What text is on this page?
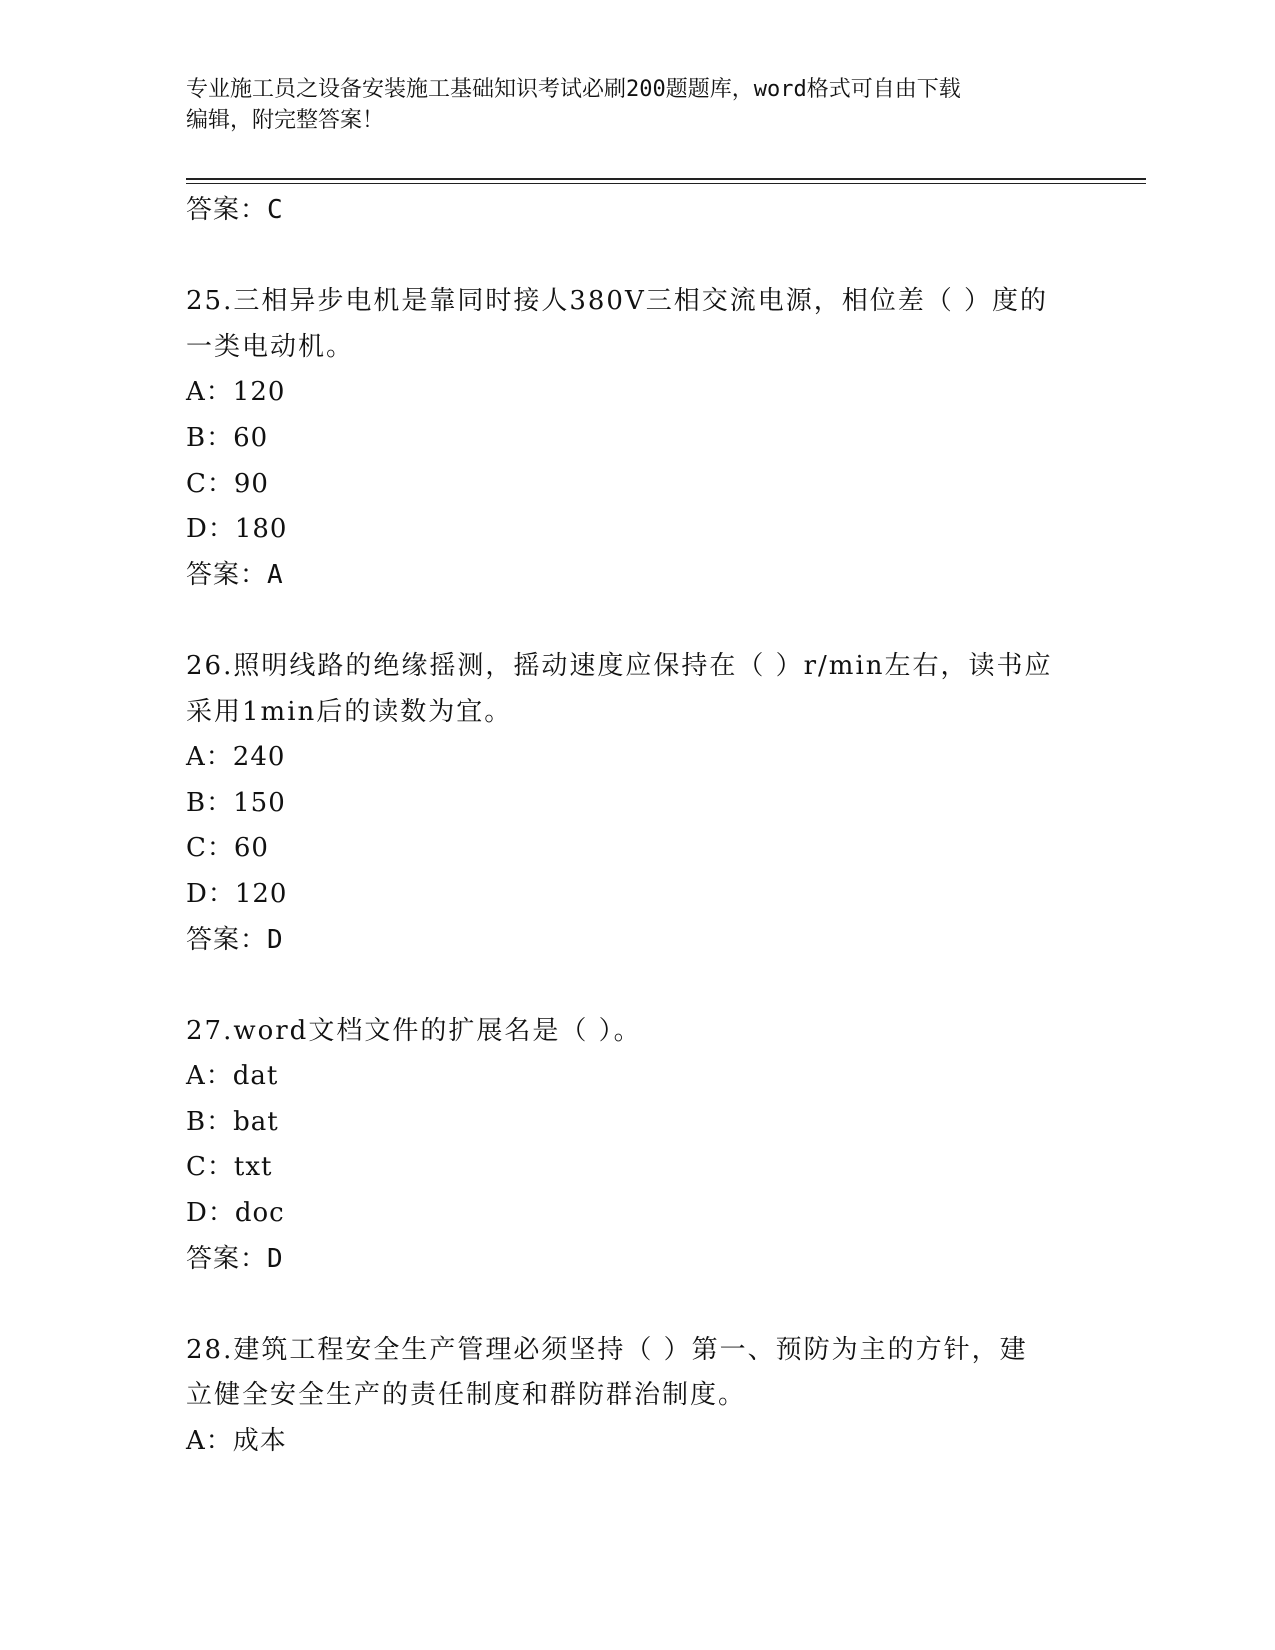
专业施工员之设备安装施工基础知识考试必刷200题题库，word格式可自由下载
编辑，附完整答案！
答案：C
25.三相异步电机是靠同时接人380V三相交流电源，相位差（ ）度的
一类电动机。
A：120
B：60
C：90
D：180
答案：A
26.照明线路的绝缘摇测，摇动速度应保持在（ ）r/min左右，读书应
采用1min后的读数为宜。
A：240
B：150
C：60
D：120
答案：D
27.word文档文件的扩展名是（ ）。
A：dat
B：bat
C：txt
D：doc
答案：D
28.建筑工程安全生产管理必须坚持（ ）第一、预防为主的方针，建
立健全安全生产的责任制度和群防群治制度。
A：成本
